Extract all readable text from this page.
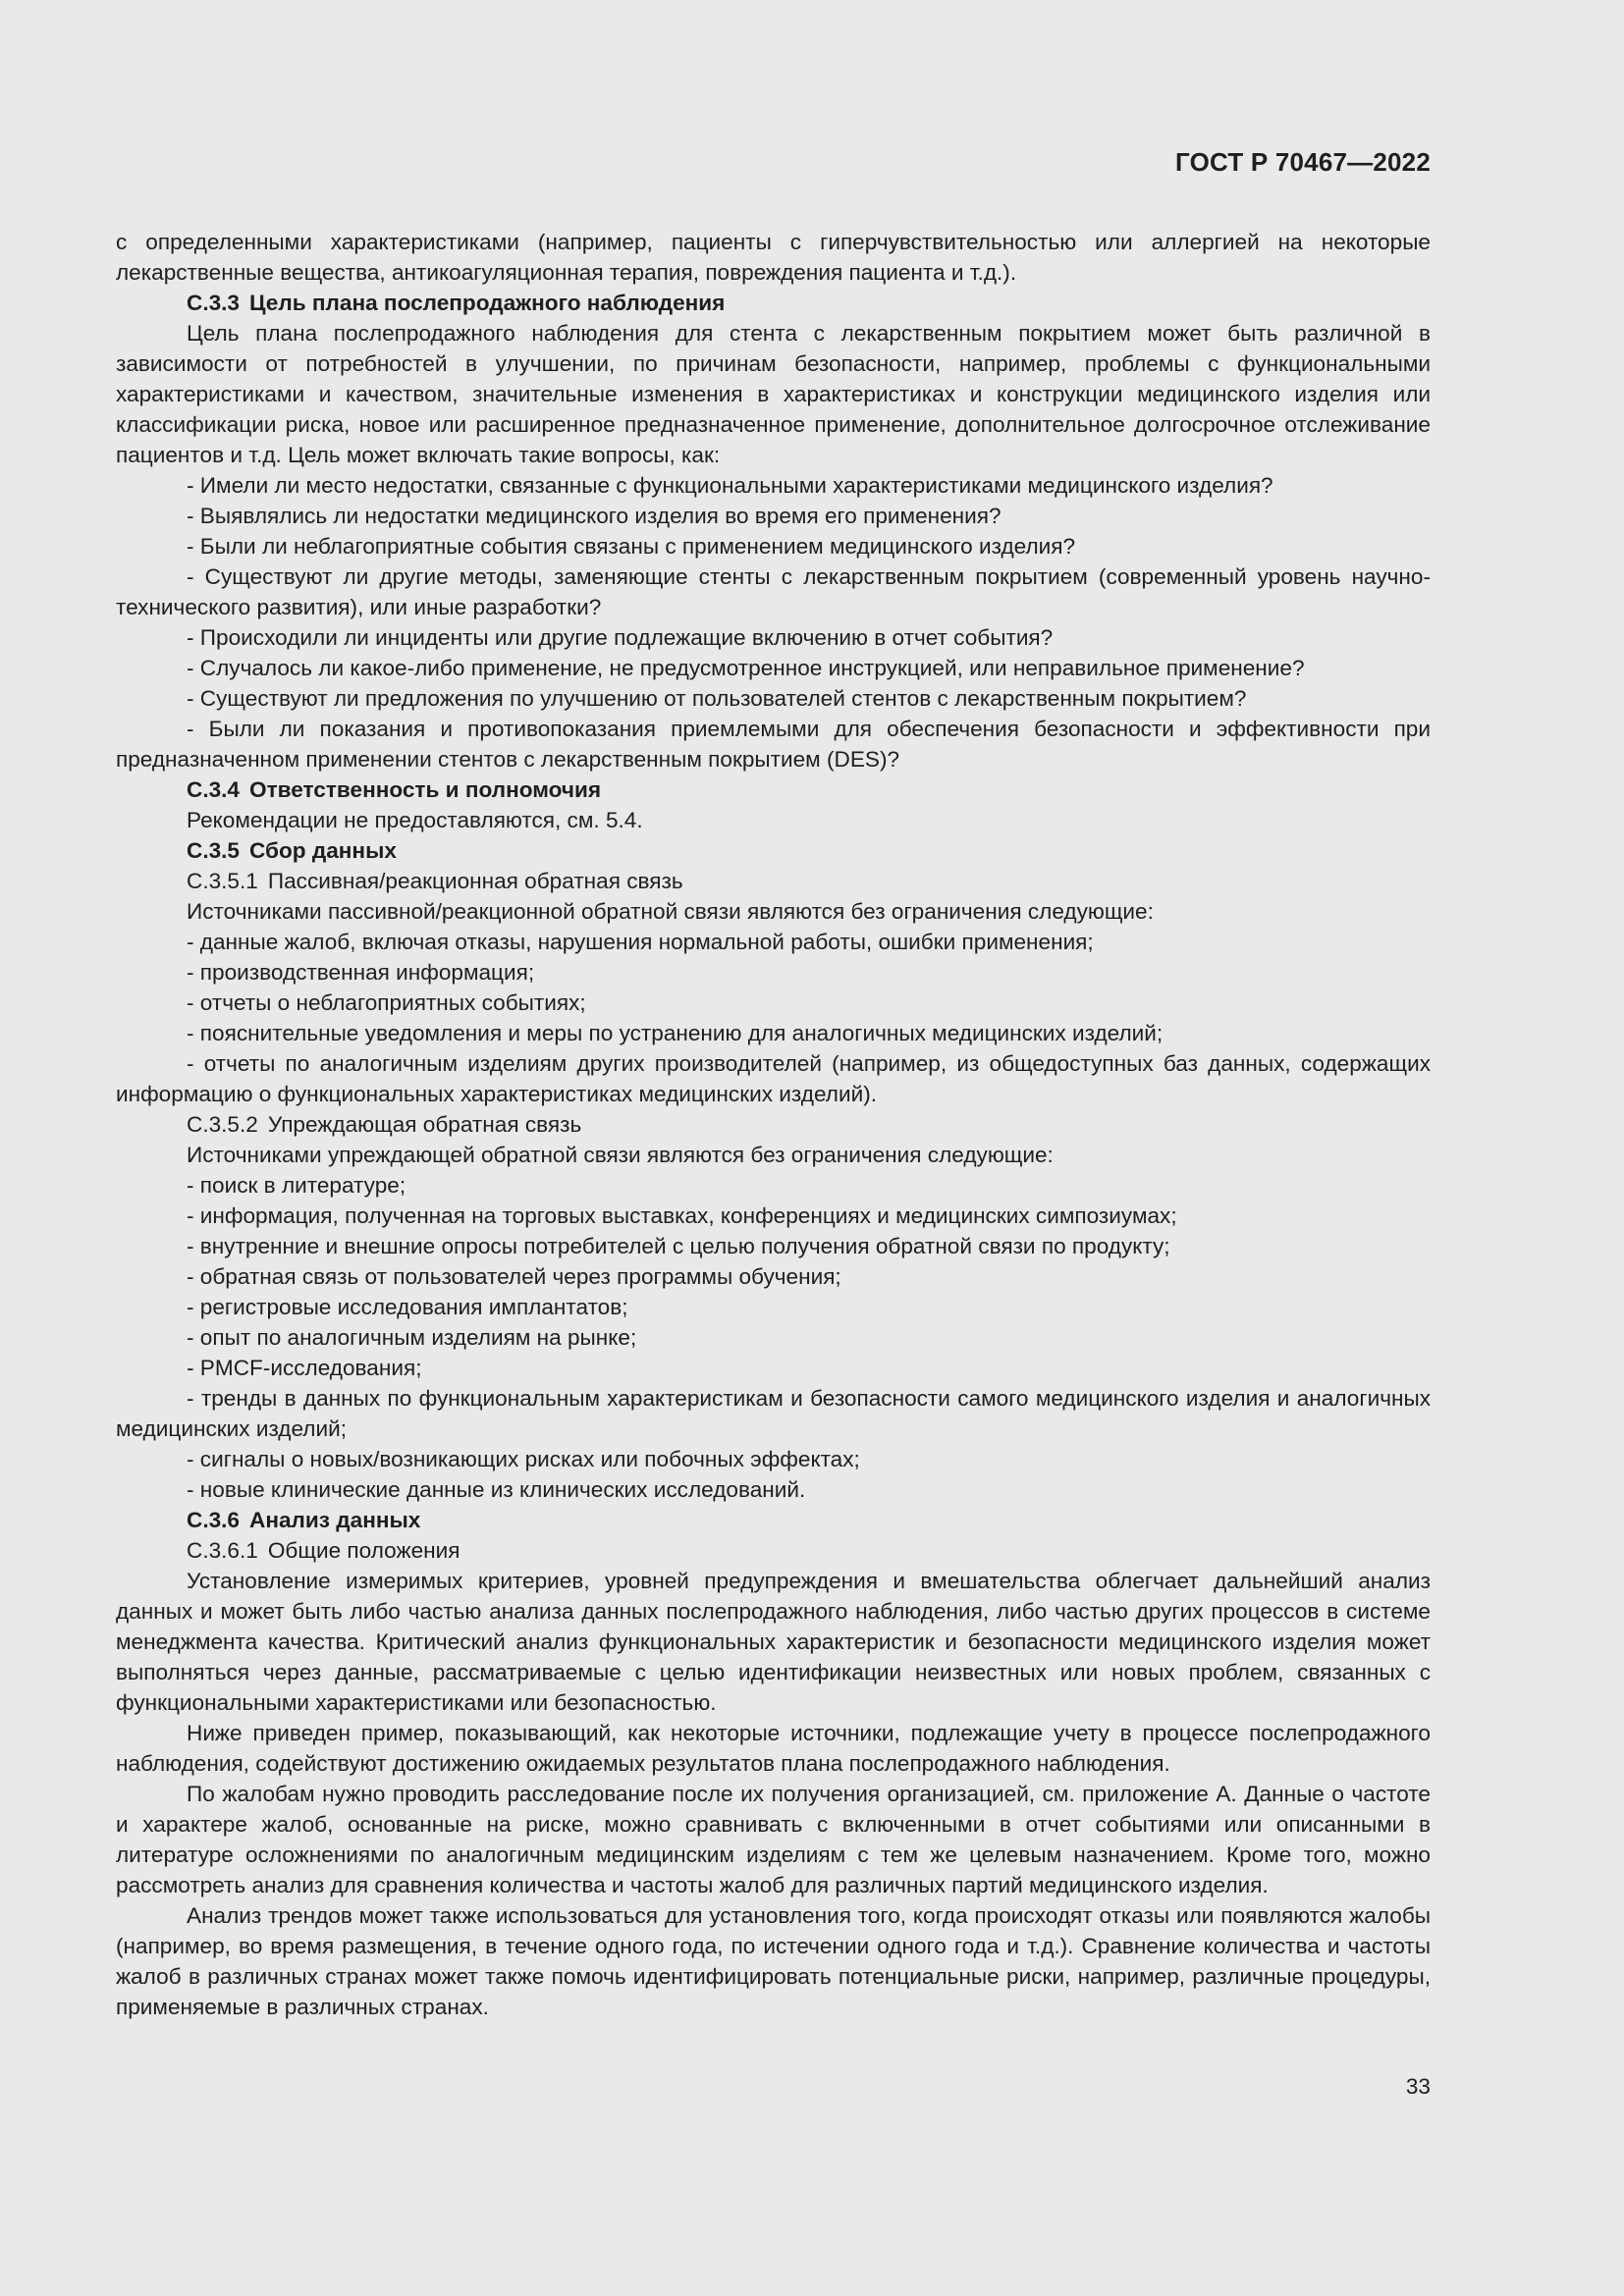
ГОСТ Р 70467—2022

с определенными характеристиками (например, пациенты с гиперчувствительностью или аллергией на некоторые лекарственные вещества, антикоагуляционная терапия, повреждения пациента и т.д.).

С.3.3 Цель плана послепродажного наблюдения

Цель плана послепродажного наблюдения для стента с лекарственным покрытием может быть различной в зависимости от потребностей в улучшении, по причинам безопасности, например, проблемы с функциональными характеристиками и качеством, значительные изменения в характеристиках и конструкции медицинского изделия или классификации риска, новое или расширенное предназначенное применение, дополнительное долгосрочное отслеживание пациентов и т.д. Цель может включать такие вопросы, как:

- Имели ли место недостатки, связанные с функциональными характеристиками медицинского изделия?

- Выявлялись ли недостатки медицинского изделия во время его применения?

- Были ли неблагоприятные события связаны с применением медицинского изделия?

- Существуют ли другие методы, заменяющие стенты с лекарственным покрытием (современный уровень научно-технического развития), или иные разработки?

- Происходили ли инциденты или другие подлежащие включению в отчет события?

- Случалось ли какое-либо применение, не предусмотренное инструкцией, или неправильное применение?

- Существуют ли предложения по улучшению от пользователей стентов с лекарственным покрытием?

- Были ли показания и противопоказания приемлемыми для обеспечения безопасности и эффективности при предназначенном применении стентов с лекарственным покрытием (DES)?

С.3.4 Ответственность и полномочия

Рекомендации не предоставляются, см. 5.4.

С.3.5 Сбор данных

С.3.5.1 Пассивная/реакционная обратная связь

Источниками пассивной/реакционной обратной связи являются без ограничения следующие:

- данные жалоб, включая отказы, нарушения нормальной работы, ошибки применения;

- производственная информация;

- отчеты о неблагоприятных событиях;

- пояснительные уведомления и меры по устранению для аналогичных медицинских изделий;

- отчеты по аналогичным изделиям других производителей (например, из общедоступных баз данных, содержащих информацию о функциональных характеристиках медицинских изделий).

С.3.5.2 Упреждающая обратная связь

Источниками упреждающей обратной связи являются без ограничения следующие:

- поиск в литературе;

- информация, полученная на торговых выставках, конференциях и медицинских симпозиумах;

- внутренние и внешние опросы потребителей с целью получения обратной связи по продукту;

- обратная связь от пользователей через программы обучения;

- регистровые исследования имплантатов;

- опыт по аналогичным изделиям на рынке;

- PMCF-исследования;

- тренды в данных по функциональным характеристикам и безопасности самого медицинского изделия и аналогичных медицинских изделий;

- сигналы о новых/возникающих рисках или побочных эффектах;

- новые клинические данные из клинических исследований.

С.3.6 Анализ данных

С.3.6.1 Общие положения

Установление измеримых критериев, уровней предупреждения и вмешательства облегчает дальнейший анализ данных и может быть либо частью анализа данных послепродажного наблюдения, либо частью других процессов в системе менеджмента качества. Критический анализ функциональных характеристик и безопасности медицинского изделия может выполняться через данные, рассматриваемые с целью идентификации неизвестных или новых проблем, связанных с функциональными характеристиками или безопасностью.

Ниже приведен пример, показывающий, как некоторые источники, подлежащие учету в процессе послепродажного наблюдения, содействуют достижению ожидаемых результатов плана послепродажного наблюдения.

По жалобам нужно проводить расследование после их получения организацией, см. приложение А. Данные о частоте и характере жалоб, основанные на риске, можно сравнивать с включенными в отчет событиями или описанными в литературе осложнениями по аналогичным медицинским изделиям с тем же целевым назначением. Кроме того, можно рассмотреть анализ для сравнения количества и частоты жалоб для различных партий медицинского изделия.

Анализ трендов может также использоваться для установления того, когда происходят отказы или появляются жалобы (например, во время размещения, в течение одного года, по истечении одного года и т.д.). Сравнение количества и частоты жалоб в различных странах может также помочь идентифицировать потенциальные риски, например, различные процедуры, применяемые в различных странах.

33
